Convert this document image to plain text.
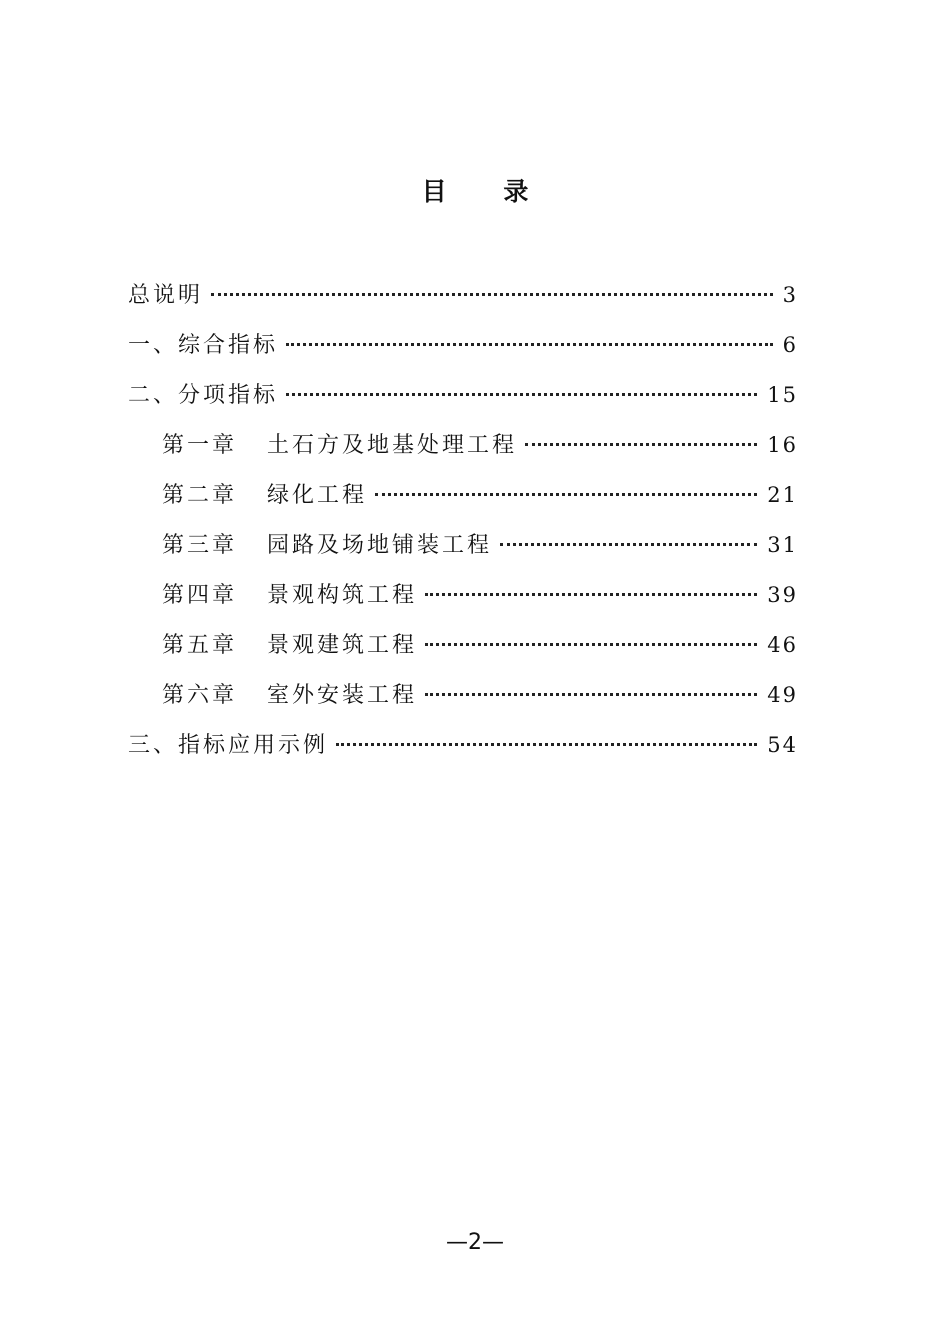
目 录
总说明	3
一、综合指标	6
二、分项指标	15
第一章 土石方及地基处理工程	16
第二章 绿化工程	21
第三章 园路及场地铺装工程	31
第四章 景观构筑工程	39
第五章 景观建筑工程	46
第六章 室外安装工程	49
三、指标应用示例	54
—2—
